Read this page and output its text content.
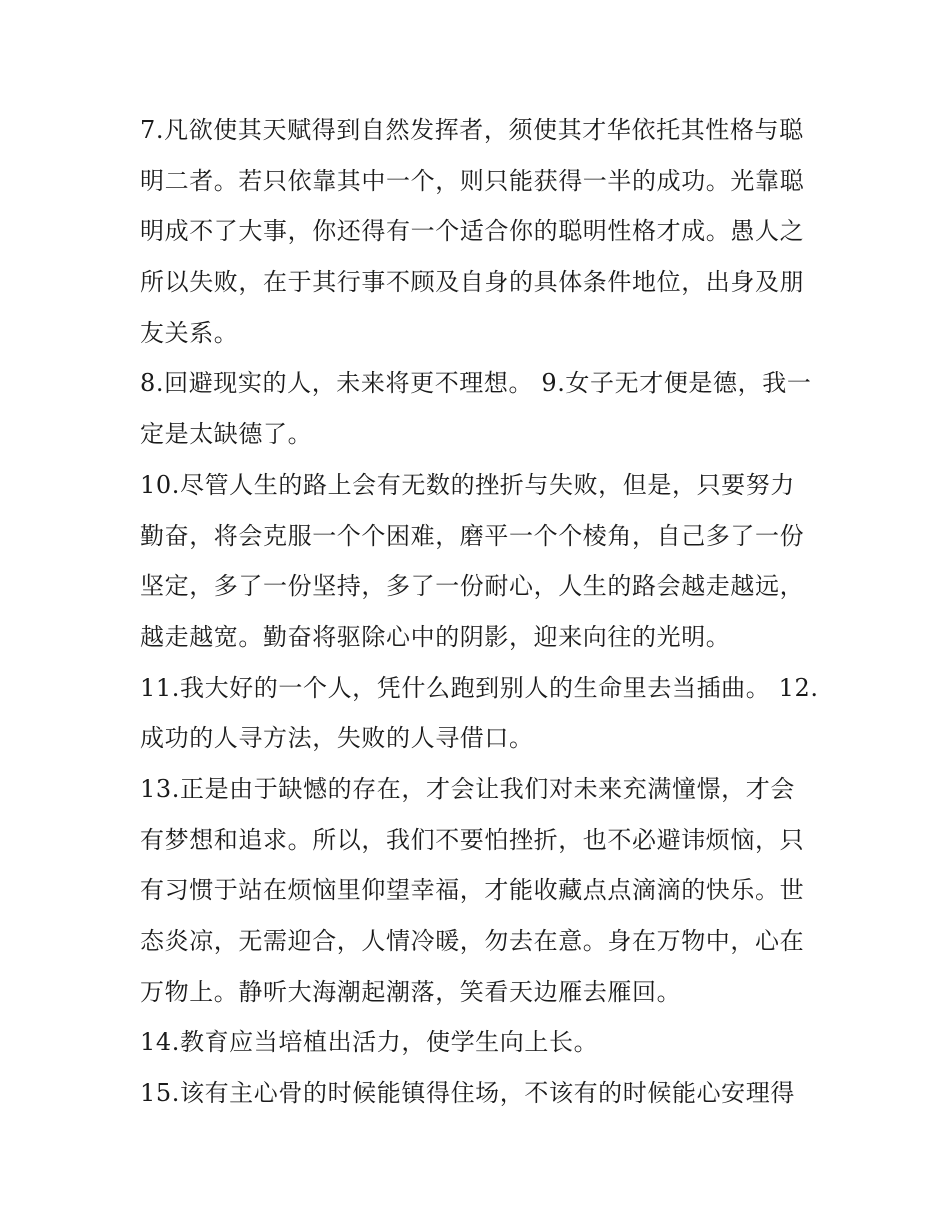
7.凡欲使其天赋得到自然发挥者，须使其才华依托其性格与聪
明二者。若只依靠其中一个，则只能获得一半的成功。光靠聪
明成不了大事，你还得有一个适合你的聪明性格才成。愚人之
所以失败，在于其行事不顾及自身的具体条件地位，出身及朋
友关系。
8.回避现实的人，未来将更不理想。 9.女子无才便是德，我一
定是太缺德了。
10.尽管人生的路上会有无数的挫折与失败，但是，只要努力
勤奋，将会克服一个个困难，磨平一个个棱角，自己多了一份
坚定，多了一份坚持，多了一份耐心，人生的路会越走越远，
越走越宽。勤奋将驱除心中的阴影，迎来向往的光明。
11.我大好的一个人，凭什么跑到别人的生命里去当插曲。 12.
成功的人寻方法，失败的人寻借口。
13.正是由于缺憾的存在，才会让我们对未来充满憧憬，才会
有梦想和追求。所以，我们不要怕挫折，也不必避讳烦恼，只
有习惯于站在烦恼里仰望幸福，才能收藏点点滴滴的快乐。世
态炎凉，无需迎合，人情冷暖，勿去在意。身在万物中，心在
万物上。静听大海潮起潮落，笑看天边雁去雁回。
14.教育应当培植出活力，使学生向上长。
15.该有主心骨的时候能镇得住场，不该有的时候能心安理得
